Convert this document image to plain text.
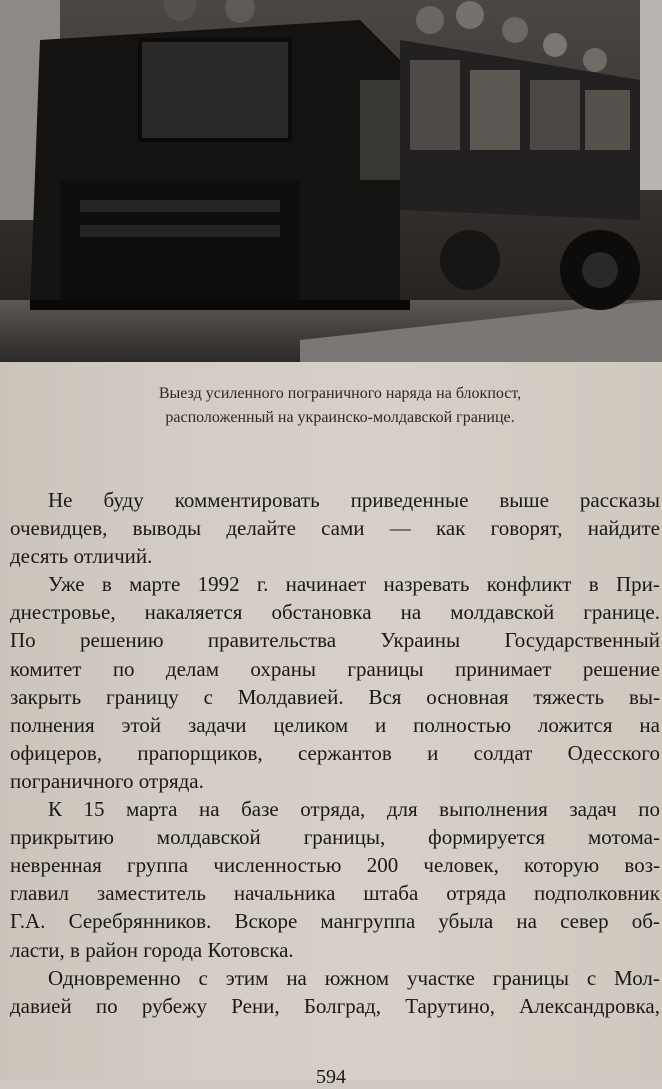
Выезд усиленного пограничного наряда на блокпост,
расположенный на украинско-молдавской границе.
Не буду комментировать приведенные выше рассказы
очевидцев, выводы делайте сами — как говорят, найдите
десять отличий.
Уже в марте 1992 г. начинает назревать конфликт в При-
днестровье, накаляется обстановка на молдавской границе.
По решению правительства Украины Государственный
комитет по делам охраны границы принимает решение
закрыть границу с Молдавией. Вся основная тяжесть вы-
полнения этой задачи целиком и полностью ложится на
офицеров, прапорщиков, сержантов и солдат Одесского
пограничного отряда.
К 15 марта на базе отряда, для выполнения задач по
прикрытию молдавской границы, формируется мотома-
невренная группа численностью 200 человек, которую воз-
главил заместитель начальника штаба отряда подполковник
Г.А. Серебрянников. Вскоре мангруппа убыла на север об-
ласти, в район города Котовска.
Одновременно с этим на южном участке границы с Мол-
давией по рубежу Рени, Болград, Тарутино, Александровка,
594
